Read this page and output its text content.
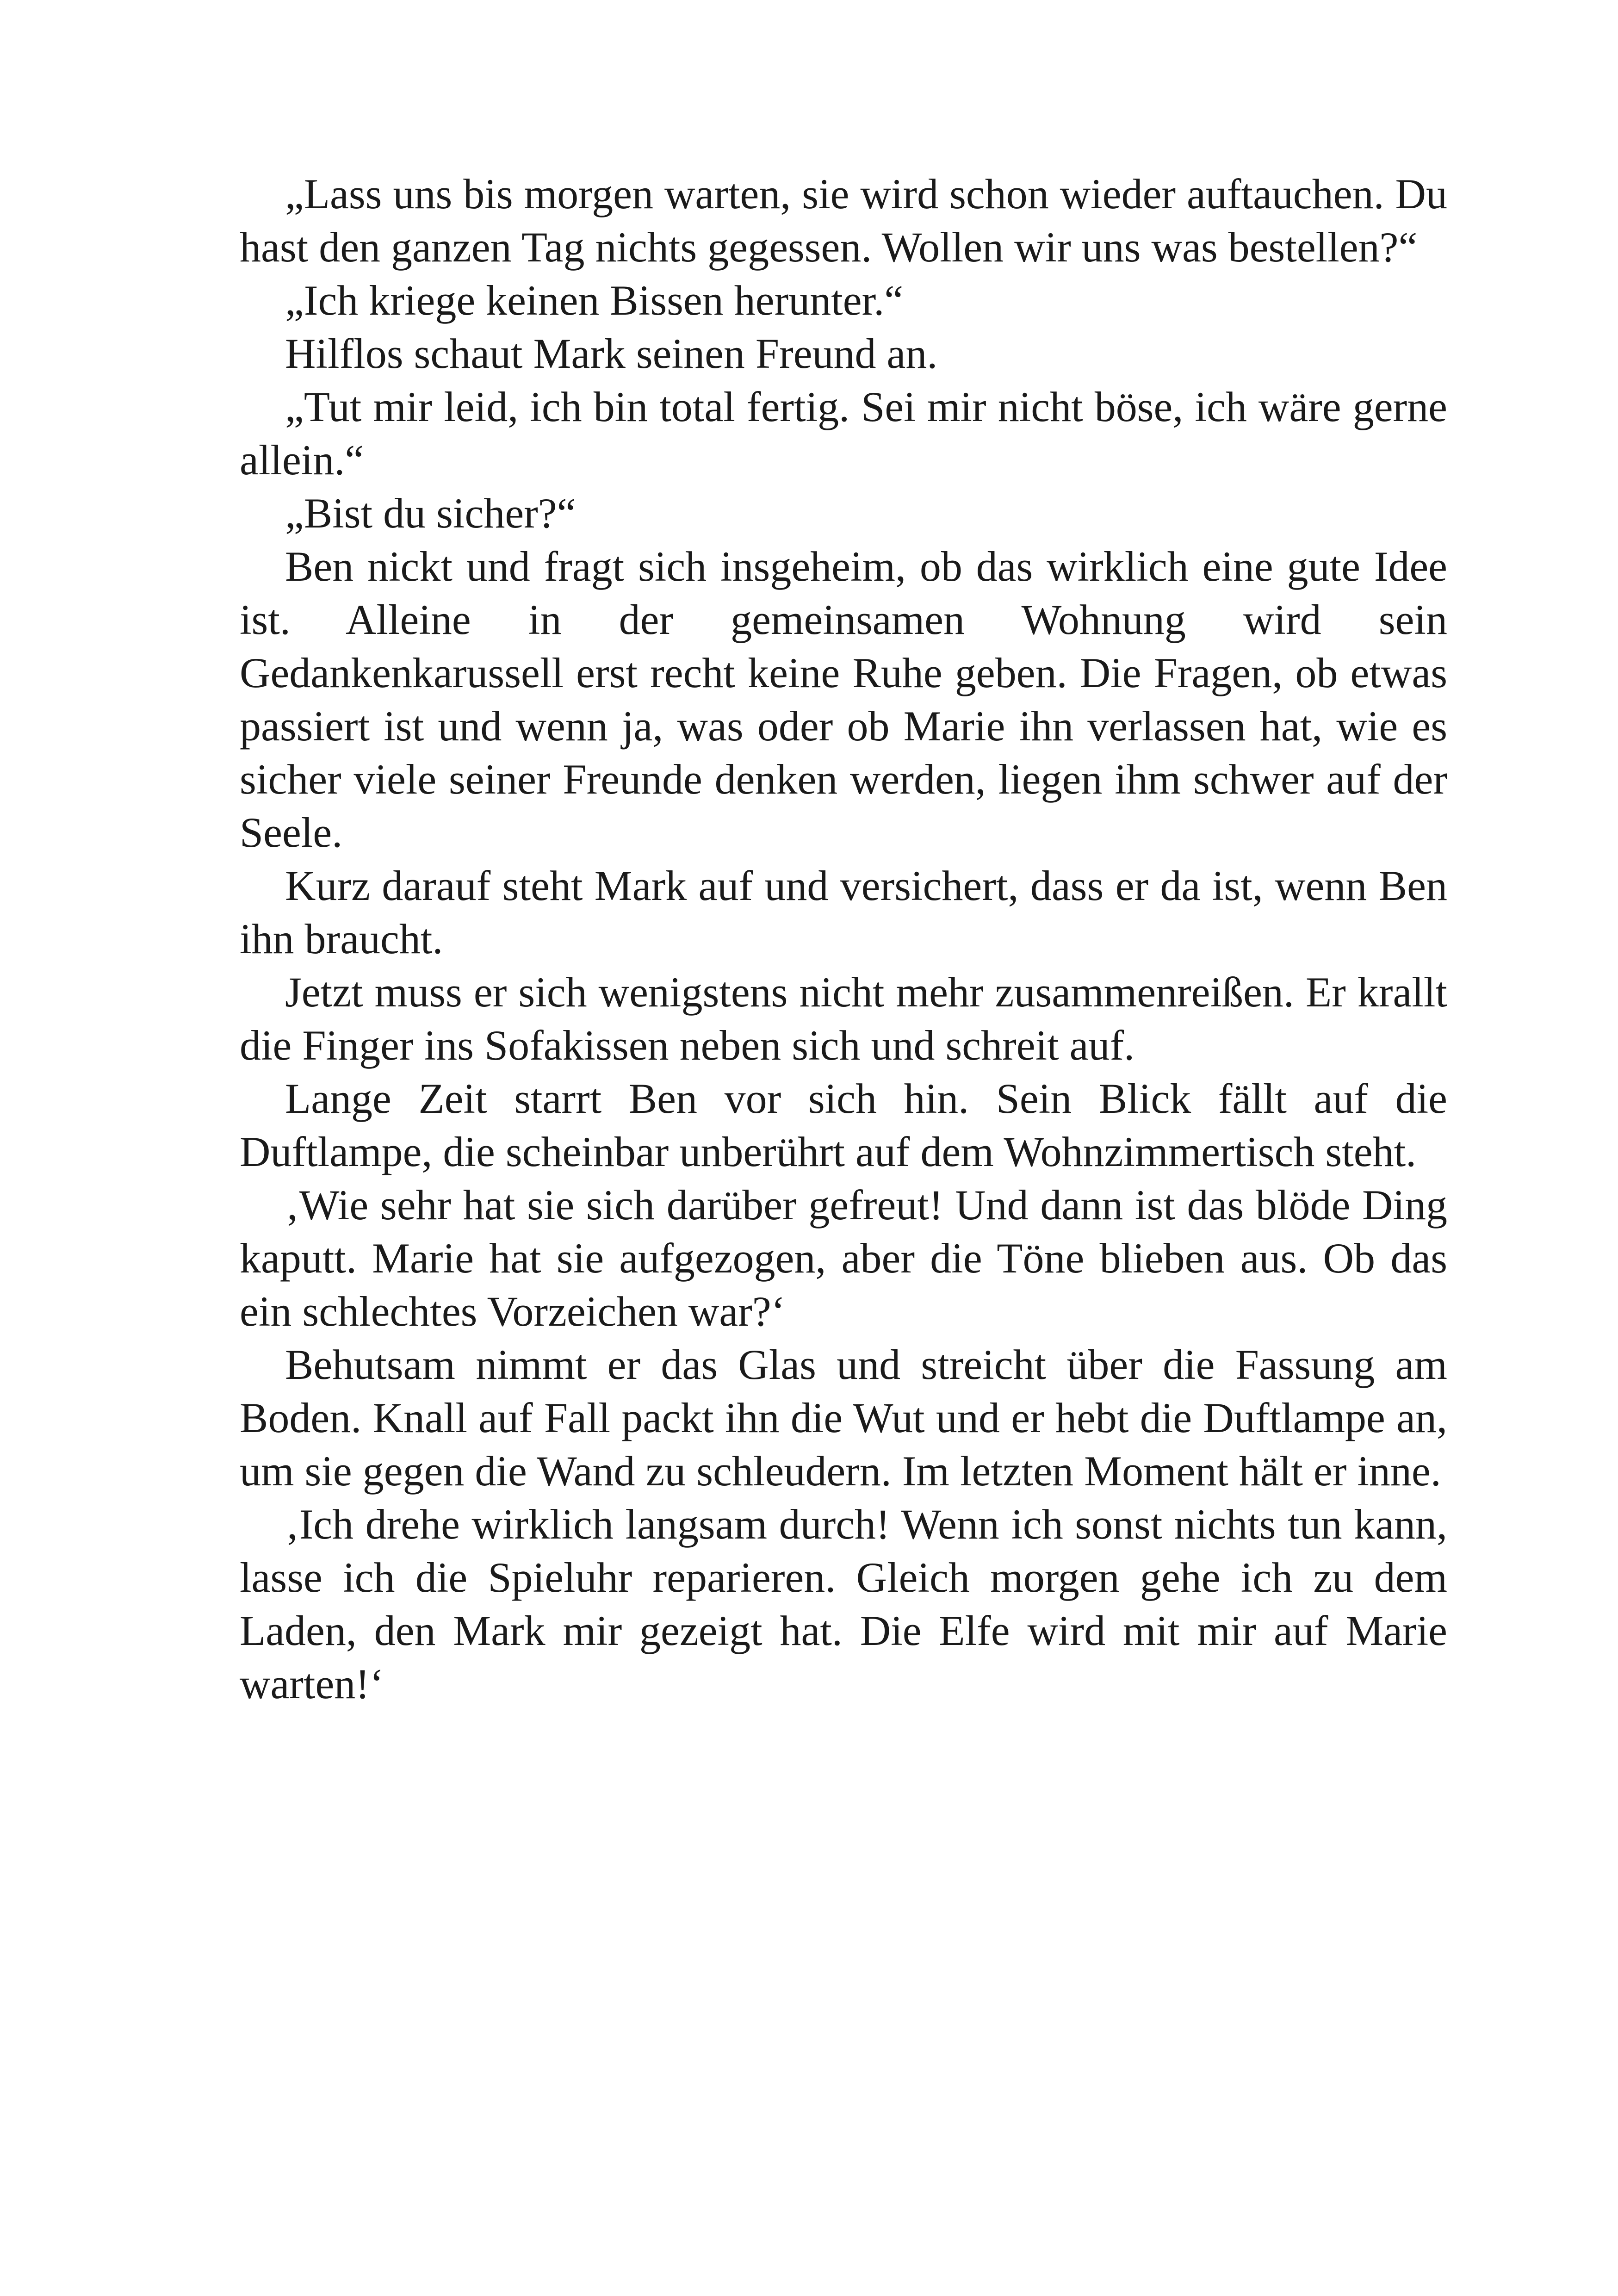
„Lass uns bis morgen warten, sie wird schon wieder auftauchen. Du hast den ganzen Tag nichts gegessen. Wollen wir uns was bestellen?“

„Ich kriege keinen Bissen herunter.“

Hilflos schaut Mark seinen Freund an.

„Tut mir leid, ich bin total fertig. Sei mir nicht böse, ich wäre gerne allein.“

„Bist du sicher?“

Ben nickt und fragt sich insgeheim, ob das wirklich eine gute Idee ist. Alleine in der gemeinsamen Wohnung wird sein Gedankenkarussell erst recht keine Ruhe geben. Die Fragen, ob etwas passiert ist und wenn ja, was oder ob Marie ihn verlassen hat, wie es sicher viele seiner Freunde denken werden, liegen ihm schwer auf der Seele.

Kurz darauf steht Mark auf und versichert, dass er da ist, wenn Ben ihn braucht.

Jetzt muss er sich wenigstens nicht mehr zusammenreißen. Er krallt die Finger ins Sofakissen neben sich und schreit auf.

Lange Zeit starrt Ben vor sich hin. Sein Blick fällt auf die Duftlampe, die scheinbar unberührt auf dem Wohnzimmertisch steht.

‚Wie sehr hat sie sich darüber gefreut! Und dann ist das blöde Ding kaputt. Marie hat sie aufgezogen, aber die Töne blieben aus. Ob das ein schlechtes Vorzeichen war?‘

Behutsam nimmt er das Glas und streicht über die Fassung am Boden. Knall auf Fall packt ihn die Wut und er hebt die Duftlampe an, um sie gegen die Wand zu schleudern. Im letzten Moment hält er inne.

‚Ich drehe wirklich langsam durch! Wenn ich sonst nichts tun kann, lasse ich die Spieluhr reparieren. Gleich morgen gehe ich zu dem Laden, den Mark mir gezeigt hat. Die Elfe wird mit mir auf Marie warten!‘
